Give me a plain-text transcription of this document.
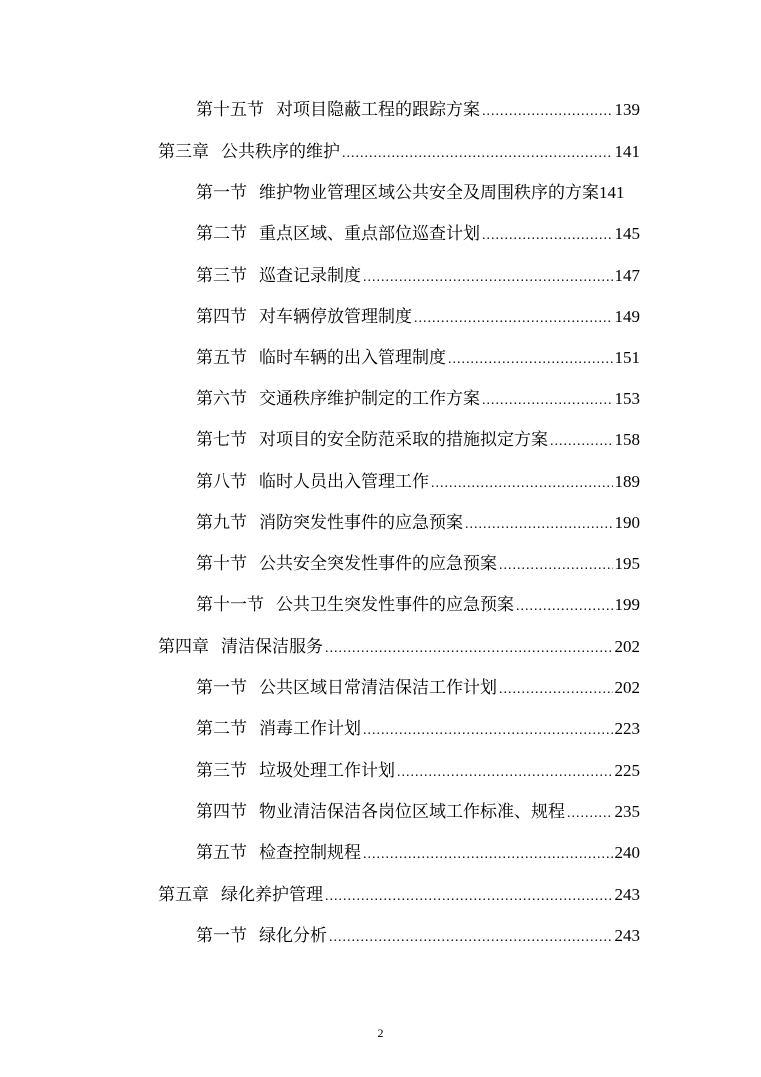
第十五节 对项目隐蔽工程的跟踪方案 .....	139
第三章 公共秩序的维护 .....	141
第一节 维护物业管理区域公共安全及周围秩序的方案 141
第二节 重点区域、重点部位巡查计划 .....	145
第三节 巡查记录制度 .....	147
第四节 对车辆停放管理制度 .....	149
第五节 临时车辆的出入管理制度 .....	151
第六节 交通秩序维护制定的工作方案 .....	153
第七节 对项目的安全防范采取的措施拟定方案 .....	158
第八节 临时人员出入管理工作 .....	189
第九节 消防突发性事件的应急预案 .....	190
第十节 公共安全突发性事件的应急预案 .....	195
第十一节 公共卫生突发性事件的应急预案 .....	199
第四章 清洁保洁服务 .....	202
第一节 公共区域日常清洁保洁工作计划 .....	202
第二节 消毒工作计划 .....	223
第三节 垃圾处理工作计划 .....	225
第四节 物业清洁保洁各岗位区域工作标准、规程 .....	235
第五节 检查控制规程 .....	240
第五章 绿化养护管理 .....	243
第一节 绿化分析 .....	243
2
